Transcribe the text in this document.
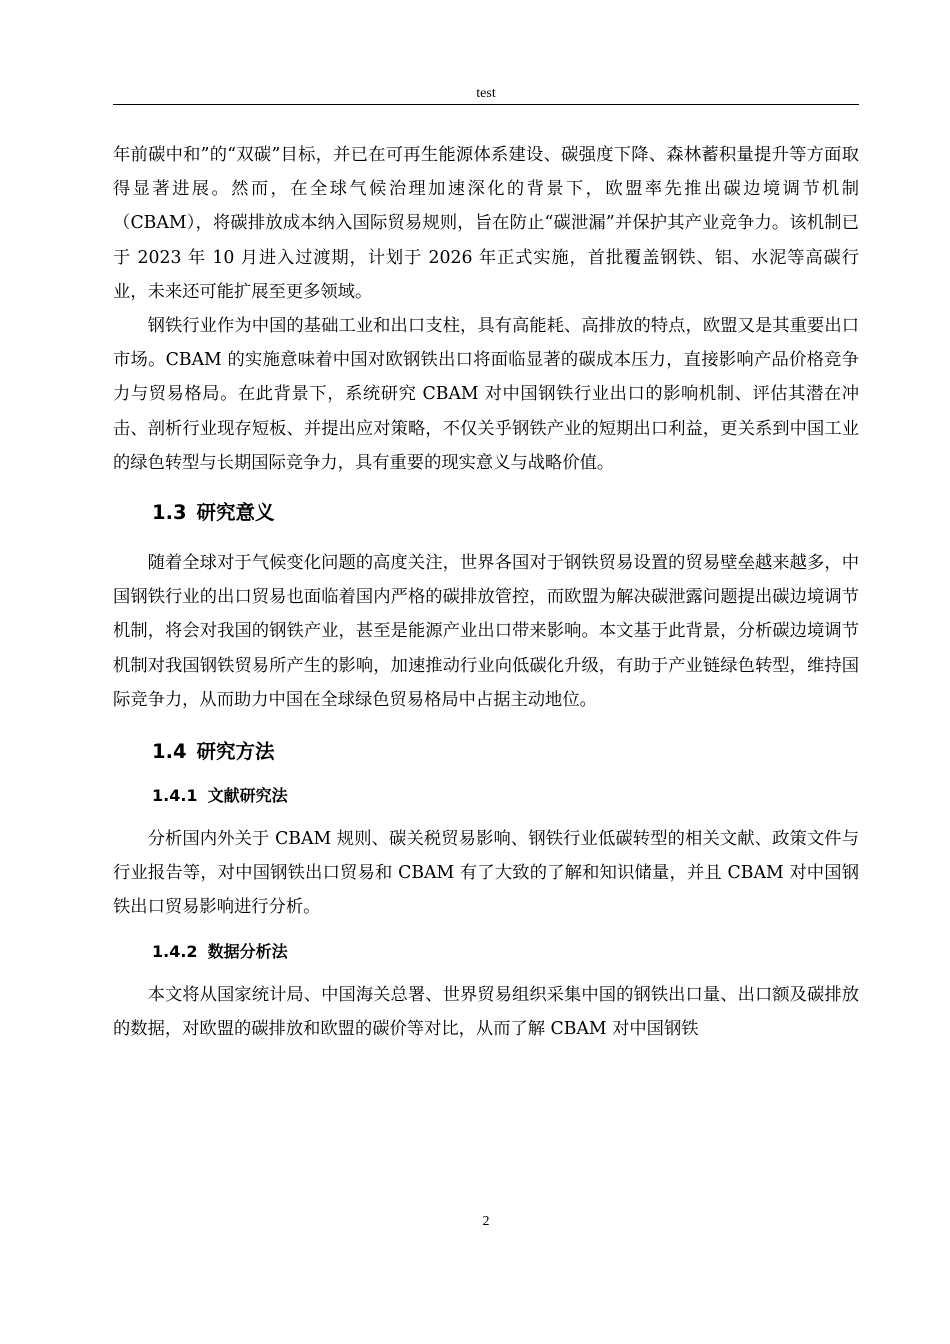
test

年前碳中和”的“双碳”目标，并已在可再生能源体系建设、碳强度下降、森林蓄积量提升等方面取得显著进展。然而，在全球气候治理加速深化的背景下，欧盟率先推出碳边境调节机制（CBAM），将碳排放成本纳入国际贸易规则，旨在防止“碳泄漏”并保护其产业竞争力。该机制已于 2023 年 10 月进入过渡期，计划于 2026 年正式实施，首批覆盖钢铁、铝、水泥等高碳行业，未来还可能扩展至更多领域。

钢铁行业作为中国的基础工业和出口支柱，具有高能耗、高排放的特点，欧盟又是其重要出口市场。CBAM 的实施意味着中国对欧钢铁出口将面临显著的碳成本压力，直接影响产品价格竞争力与贸易格局。在此背景下，系统研究 CBAM 对中国钢铁行业出口的影响机制、评估其潜在冲击、剖析行业现存短板、并提出应对策略，不仅关乎钢铁产业的短期出口利益，更关系到中国工业的绿色转型与长期国际竞争力，具有重要的现实意义与战略价值。

1.3 研究意义

随着全球对于气候变化问题的高度关注，世界各国对于钢铁贸易设置的贸易壁垒越来越多，中国钢铁行业的出口贸易也面临着国内严格的碳排放管控，而欧盟为解决碳泄露问题提出碳边境调节机制，将会对我国的钢铁产业，甚至是能源产业出口带来影响。本文基于此背景，分析碳边境调节机制对我国钢铁贸易所产生的影响，加速推动行业向低碳化升级，有助于产业链绿色转型，维持国际竞争力，从而助力中国在全球绿色贸易格局中占据主动地位。

1.4 研究方法
1.4.1 文献研究法

分析国内外关于 CBAM 规则、碳关税贸易影响、钢铁行业低碳转型的相关文献、政策文件与行业报告等，对中国钢铁出口贸易和 CBAM 有了大致的了解和知识储量，并且 CBAM 对中国钢铁出口贸易影响进行分析。

1.4.2 数据分析法

本文将从国家统计局、中国海关总署、世界贸易组织采集中国的钢铁出口量、出口额及碳排放的数据，对欧盟的碳排放和欧盟的碳价等对比，从而了解 CBAM 对中国钢铁

2
